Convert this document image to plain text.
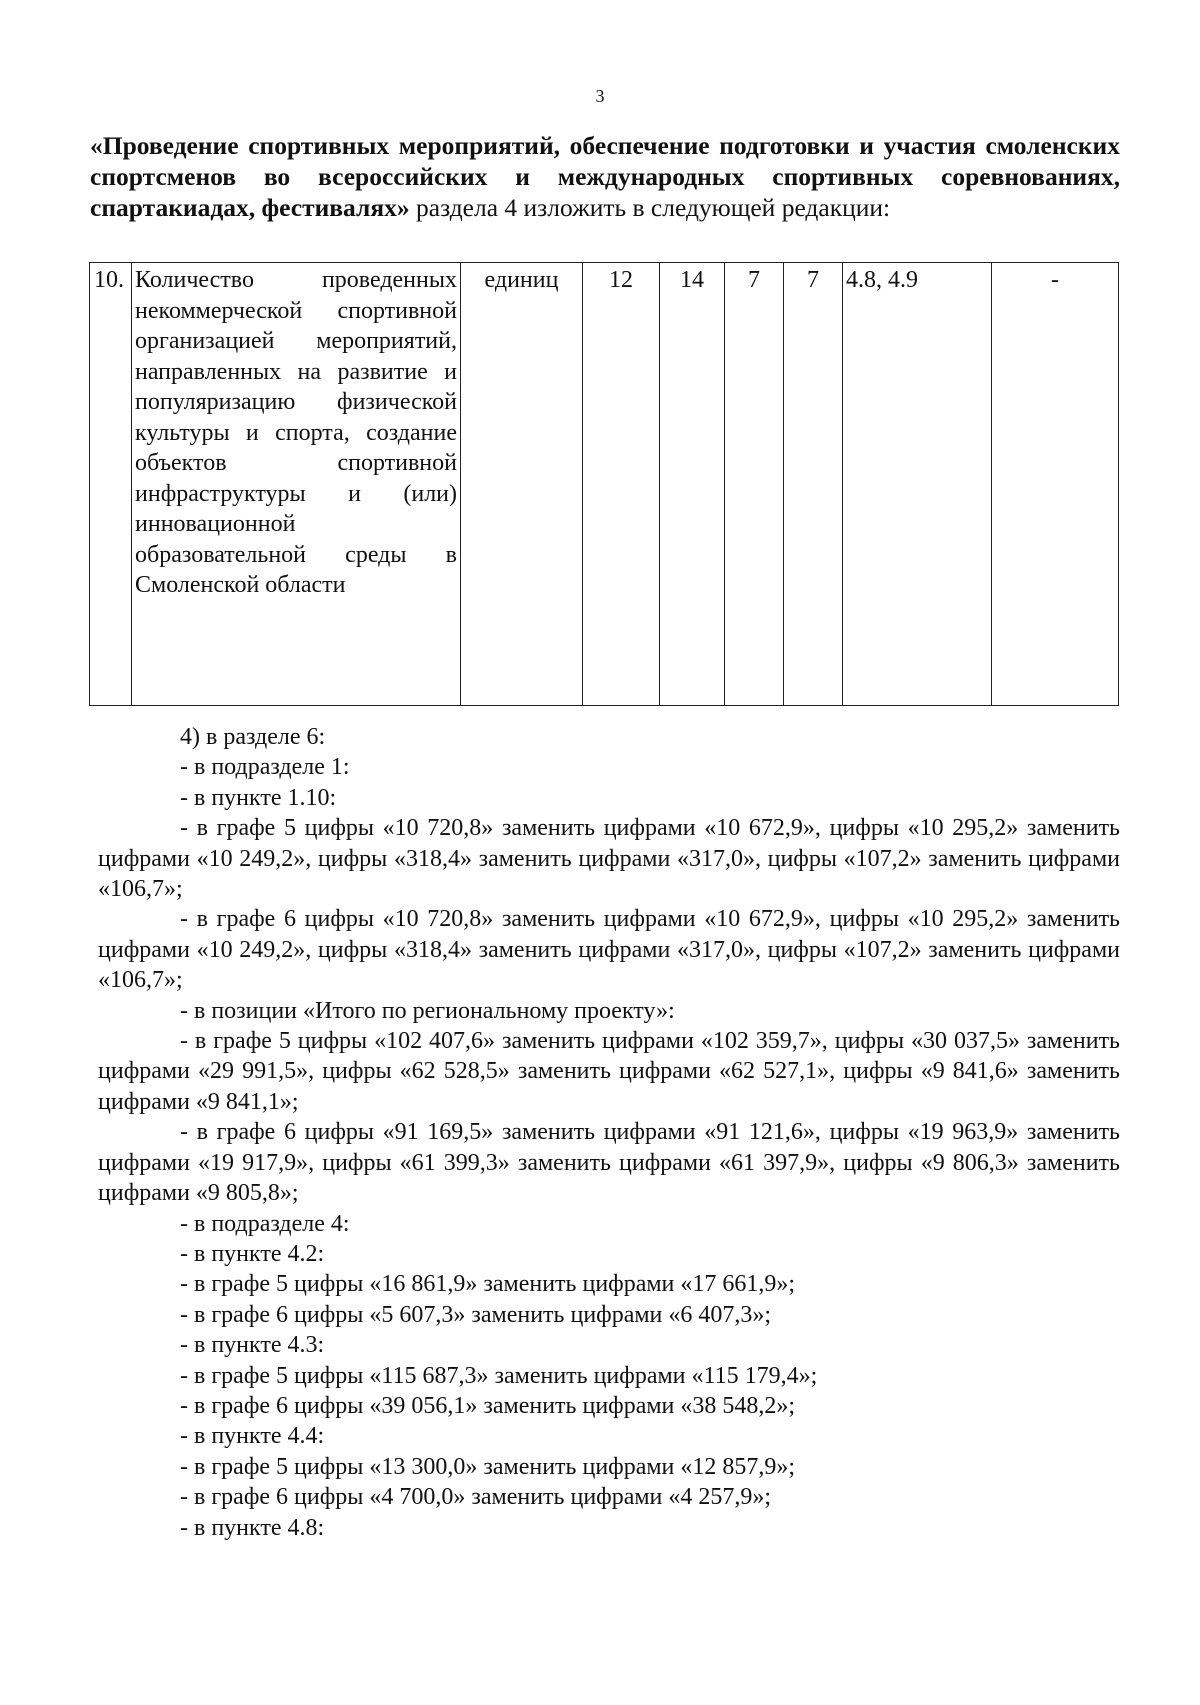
3
«Проведение спортивных мероприятий, обеспечение подготовки и участия смоленских спортсменов во всероссийских и международных спортивных соревнованиях, спартакиадах, фестивалях» раздела 4 изложить в следующей редакции:
10.	Количество проведенных некоммерческой спортивной организацией мероприятий, направленных на развитие и популяризацию физической культуры и спорта, создание объектов спортивной инфраструктуры и (или) инновационной образовательной среды в Смоленской области	единиц	12	14	7	7	4.8, 4.9	-

4) в разделе 6:

- в подразделе 1:

- в пункте 1.10:

- в графе 5 цифры «10 720,8» заменить цифрами «10 672,9», цифры «10 295,2» заменить цифрами «10 249,2», цифры «318,4» заменить цифрами «317,0», цифры «107,2» заменить цифрами «106,7»;

- в графе 6 цифры «10 720,8» заменить цифрами «10 672,9», цифры «10 295,2» заменить цифрами «10 249,2», цифры «318,4» заменить цифрами «317,0», цифры «107,2» заменить цифрами «106,7»;

- в позиции «Итого по региональному проекту»:

- в графе 5 цифры «102 407,6» заменить цифрами «102 359,7», цифры «30 037,5» заменить цифрами «29 991,5», цифры «62 528,5» заменить цифрами «62 527,1», цифры «9 841,6» заменить цифрами «9 841,1»;

- в графе 6 цифры «91 169,5» заменить цифрами «91 121,6», цифры «19 963,9» заменить цифрами «19 917,9», цифры «61 399,3» заменить цифрами «61 397,9», цифры «9 806,3» заменить цифрами «9 805,8»;

- в подразделе 4:

- в пункте 4.2:

- в графе 5 цифры «16 861,9» заменить цифрами «17 661,9»;

- в графе 6 цифры «5 607,3» заменить цифрами «6 407,3»;

- в пункте 4.3:

- в графе 5 цифры «115 687,3» заменить цифрами «115 179,4»;

- в графе 6 цифры «39 056,1» заменить цифрами «38 548,2»;

- в пункте 4.4:

- в графе 5 цифры «13 300,0» заменить цифрами «12 857,9»;

- в графе 6 цифры «4 700,0» заменить цифрами «4 257,9»;

- в пункте 4.8:
